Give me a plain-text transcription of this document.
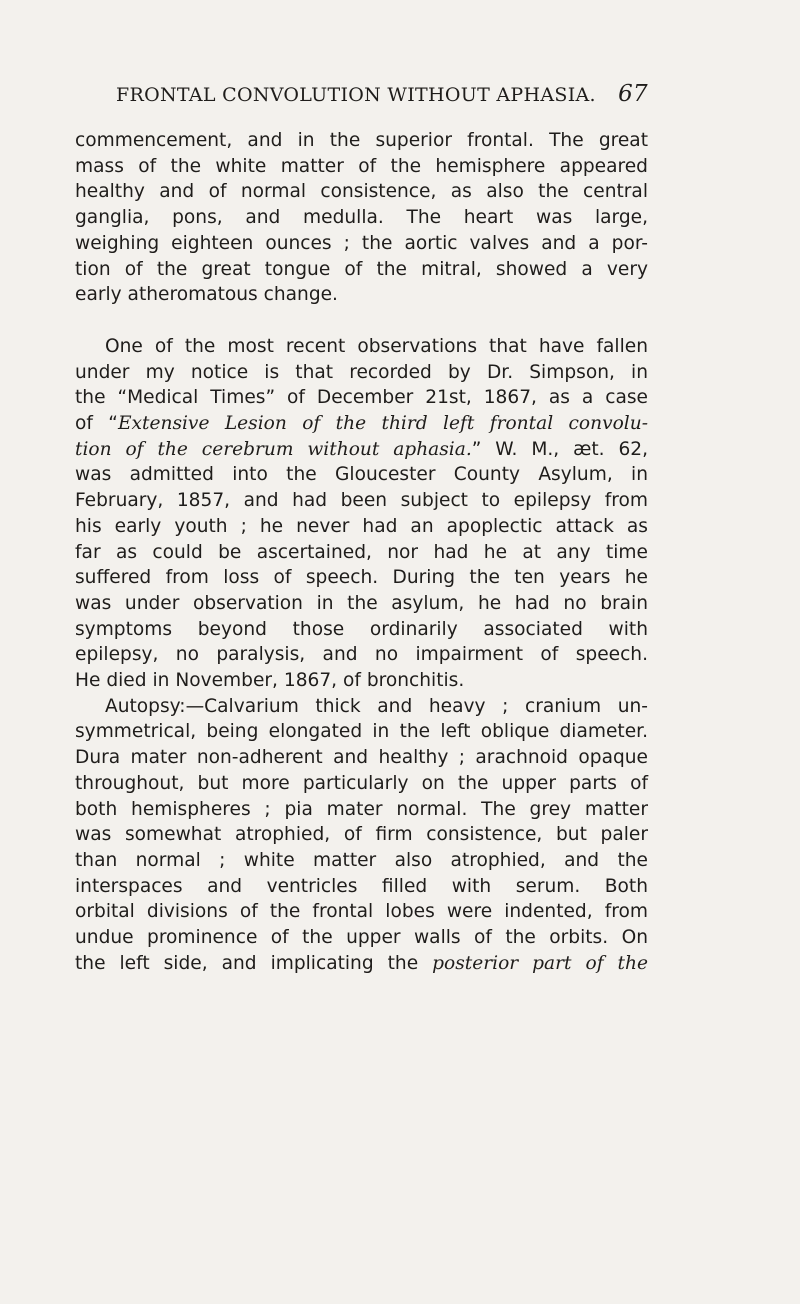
FRONTAL CONVOLUTION WITHOUT APHASIA. 67

commencement, and in the superior frontal. The great

mass of the white matter of the hemisphere appeared

healthy and of normal consistence, as also the central

ganglia, pons, and medulla. The heart was large,

weighing eighteen ounces ; the aortic valves and a por-

tion of the great tongue of the mitral, showed a very

early atheromatous change.

One of the most recent observations that have fallen

under my notice is that recorded by Dr. Simpson, in

the “Medical Times” of December 21st, 1867, as a case

of “Extensive Lesion of the third left frontal convolu-

tion of the cerebrum without aphasia.” W. M., æt. 62,

was admitted into the Gloucester County Asylum, in

February, 1857, and had been subject to epilepsy from

his early youth ; he never had an apoplectic attack as

far as could be ascertained, nor had he at any time

suffered from loss of speech. During the ten years he

was under observation in the asylum, he had no brain

symptoms beyond those ordinarily associated with

epilepsy, no paralysis, and no impairment of speech.

He died in November, 1867, of bronchitis.

Autopsy:—Calvarium thick and heavy ; cranium un-

symmetrical, being elongated in the left oblique diameter.

Dura mater non-adherent and healthy ; arachnoid opaque

throughout, but more particularly on the upper parts of

both hemispheres ; pia mater normal. The grey matter

was somewhat atrophied, of firm consistence, but paler

than normal ; white matter also atrophied, and the

interspaces and ventricles filled with serum. Both

orbital divisions of the frontal lobes were indented, from

undue prominence of the upper walls of the orbits. On

the left side, and implicating the posterior part of the
